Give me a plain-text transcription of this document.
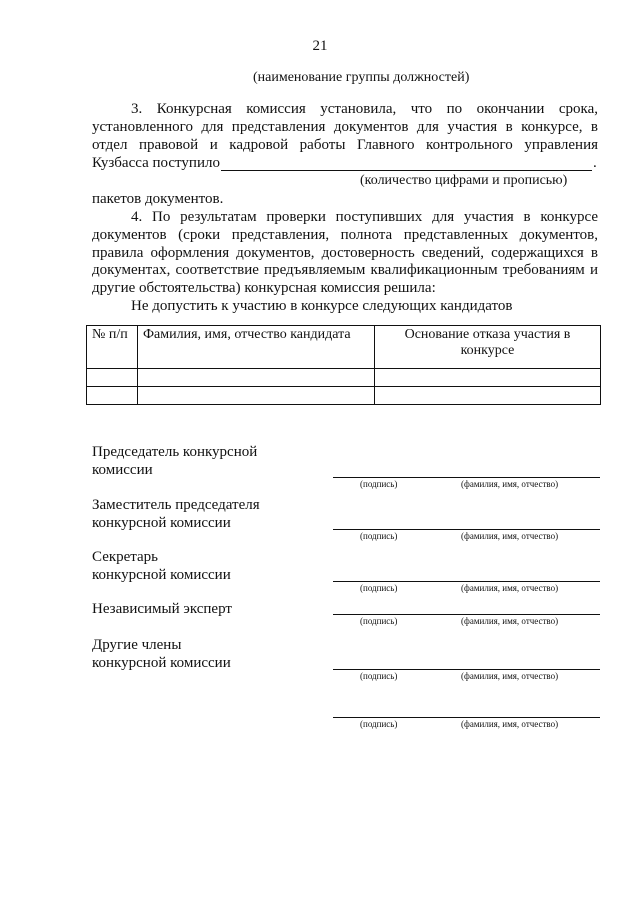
21
(наименование группы должностей)
3. Конкурсная комиссия установила, что по окончании срока,
установленного для представления документов для участия в конкурсе, в
отдел правовой и кадровой работы Главного контрольного управления
Кузбасса поступило	.
(количество цифрами и прописью)
пакетов документов.
4. По результатам проверки поступивших для участия в конкурсе
документов (сроки представления, полнота представленных документов,
правила оформления документов, достоверность сведений, содержащихся в
документах, соответствие предъявляемым квалификационным требованиям и
другие обстоятельства) конкурсная комиссия решила:
Не допустить к участию в конкурсе следующих кандидатов
№ п/п	Фамилия, имя, отчество кандидата	Основание отказа участия в конкурсе

Председатель конкурсной
комиссии
(подпись)	(фамилия, имя, отчество)
Заместитель председателя
конкурсной комиссии
(подпись)	(фамилия, имя, отчество)
Секретарь
конкурсной комиссии
(подпись)	(фамилия, имя, отчество)
Независимый эксперт
(подпись)	(фамилия, имя, отчество)
Другие члены
конкурсной комиссии
(подпись)	(фамилия, имя, отчество)
(подпись)	(фамилия, имя, отчество)
